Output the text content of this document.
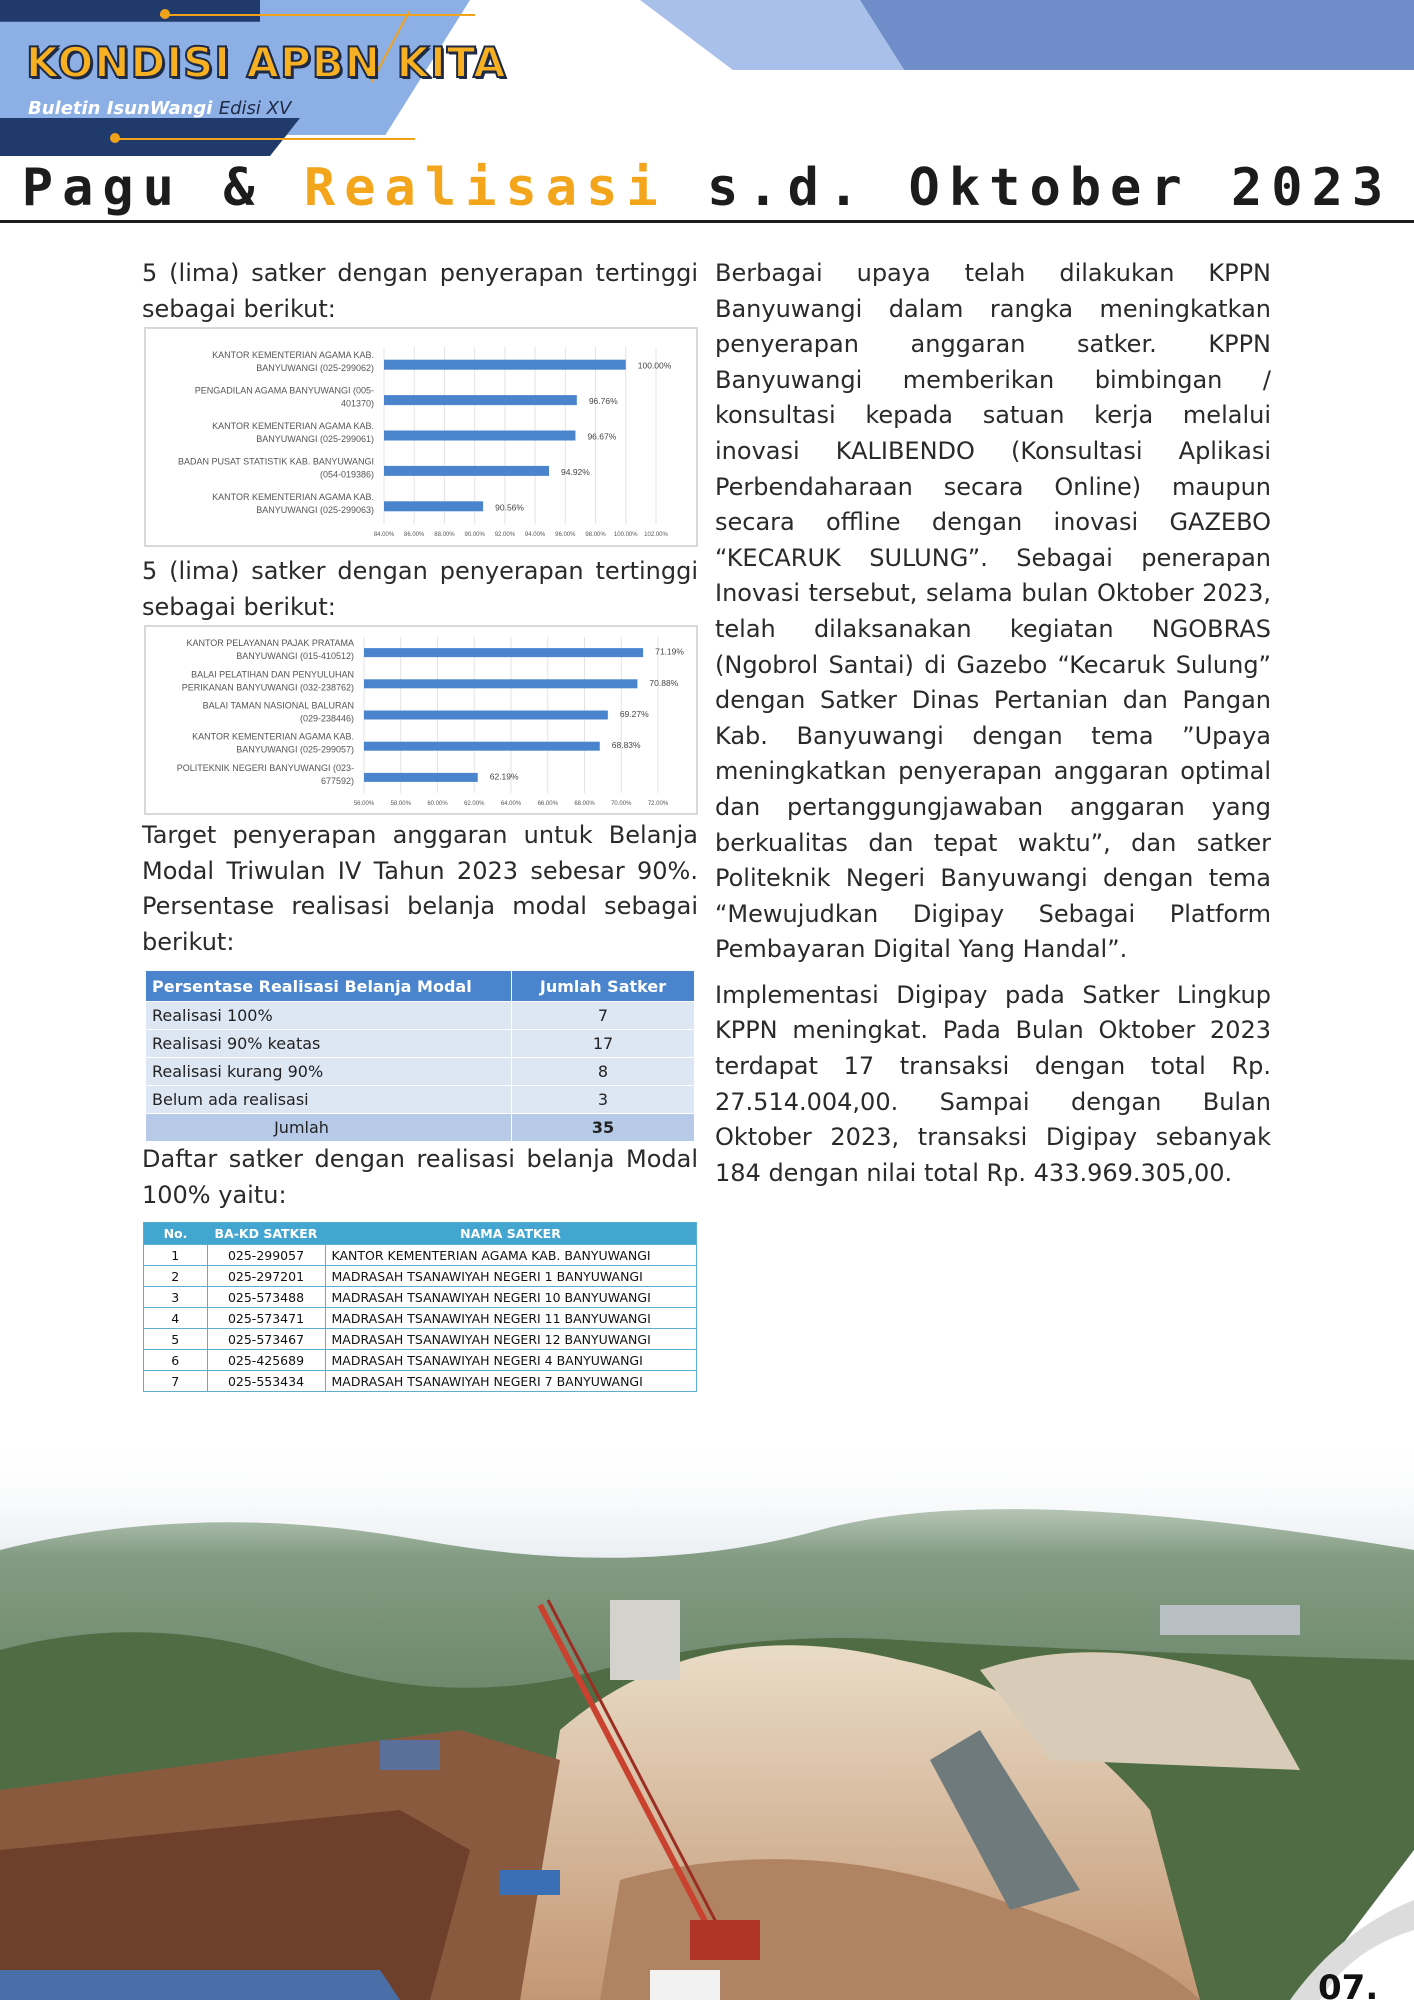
KONDISI APBN KITA
Buletin IsunWangi Edisi XV
Pagu & Realisasi s.d. Oktober 2023

5 (lima) satker dengan penyerapan tertinggi sebagai berikut:

84.00% 86.00% 88.00% 90.00% 92.00% 94.00% 96.00% 98.00% 100.00% 102.00%
100.00%
KANTOR KEMENTERIAN AGAMA KAB.
BANYUWANGI (025-299062)
96.76%
PENGADILAN AGAMA BANYUWANGI (005-
401370)
96.67%
KANTOR KEMENTERIAN AGAMA KAB.
BANYUWANGI (025-299061)
94.92%
BADAN PUSAT STATISTIK KAB. BANYUWANGI
(054-019386)
90.56%
KANTOR KEMENTERIAN AGAMA KAB.
BANYUWANGI (025-299063)

5 (lima) satker dengan penyerapan tertinggi sebagai berikut:

56.00%	58.00%	60.00%	62.00%	64.00%	66.00%	68.00%	70.00%	72.00%
71.19%
KANTOR PELAYANAN PAJAK PRATAMA
BANYUWANGI (015-410512)
70.88%
BALAI PELATIHAN DAN PENYULUHAN
PERIKANAN BANYUWANGI (032-238762)
69.27%
BALAI TAMAN NASIONAL BALURAN
(029-238446)
68.83%
KANTOR KEMENTERIAN AGAMA KAB.
BANYUWANGI (025-299057)
62.19%
POLITEKNIK NEGERI BANYUWANGI (023-
677592)

Target penyerapan anggaran untuk Belanja Modal Triwulan IV Tahun 2023 sebesar 90%. Persentase realisasi belanja modal sebagai berikut:

Persentase Realisasi Belanja Modal	Jumlah Satker
Realisasi 100%	7
Realisasi 90% keatas	17
Realisasi kurang 90%	8
Belum ada realisasi	3
Jumlah	35

Daftar satker dengan realisasi belanja Modal 100% yaitu:

No.	BA-KD SATKER	NAMA SATKER
1	025-299057	KANTOR KEMENTERIAN AGAMA KAB. BANYUWANGI
2	025-297201	MADRASAH TSANAWIYAH NEGERI 1 BANYUWANGI
3	025-573488	MADRASAH TSANAWIYAH NEGERI 10 BANYUWANGI
4	025-573471	MADRASAH TSANAWIYAH NEGERI 11 BANYUWANGI
5	025-573467	MADRASAH TSANAWIYAH NEGERI 12 BANYUWANGI
6	025-425689	MADRASAH TSANAWIYAH NEGERI 4 BANYUWANGI
7	025-553434	MADRASAH TSANAWIYAH NEGERI 7 BANYUWANGI

Berbagai upaya telah dilakukan KPPN Banyuwangi dalam rangka meningkatkan penyerapan anggaran satker. KPPN Banyuwangi memberikan bimbingan / konsultasi kepada satuan kerja melalui inovasi KALIBENDO (Konsultasi Aplikasi Perbendaharaan secara Online) maupun secara offline dengan inovasi GAZEBO “KECARUK SULUNG”. Sebagai penerapan Inovasi tersebut, selama bulan Oktober 2023, telah dilaksanakan kegiatan NGOBRAS (Ngobrol Santai) di Gazebo “Kecaruk Sulung” dengan Satker Dinas Pertanian dan Pangan Kab. Banyuwangi dengan tema ”Upaya meningkatkan penyerapan anggaran optimal dan pertanggungjawaban anggaran yang berkualitas dan tepat waktu”, dan satker Politeknik Negeri Banyuwangi dengan tema “Mewujudkan Digipay Sebagai Platform Pembayaran Digital Yang Handal”.

Implementasi Digipay pada Satker Lingkup KPPN meningkat. Pada Bulan Oktober 2023 terdapat 17 transaksi dengan total Rp. 27.514.004,00. Sampai dengan Bulan Oktober 2023, transaksi Digipay sebanyak 184 dengan nilai total Rp. 433.969.305,00.

07.
